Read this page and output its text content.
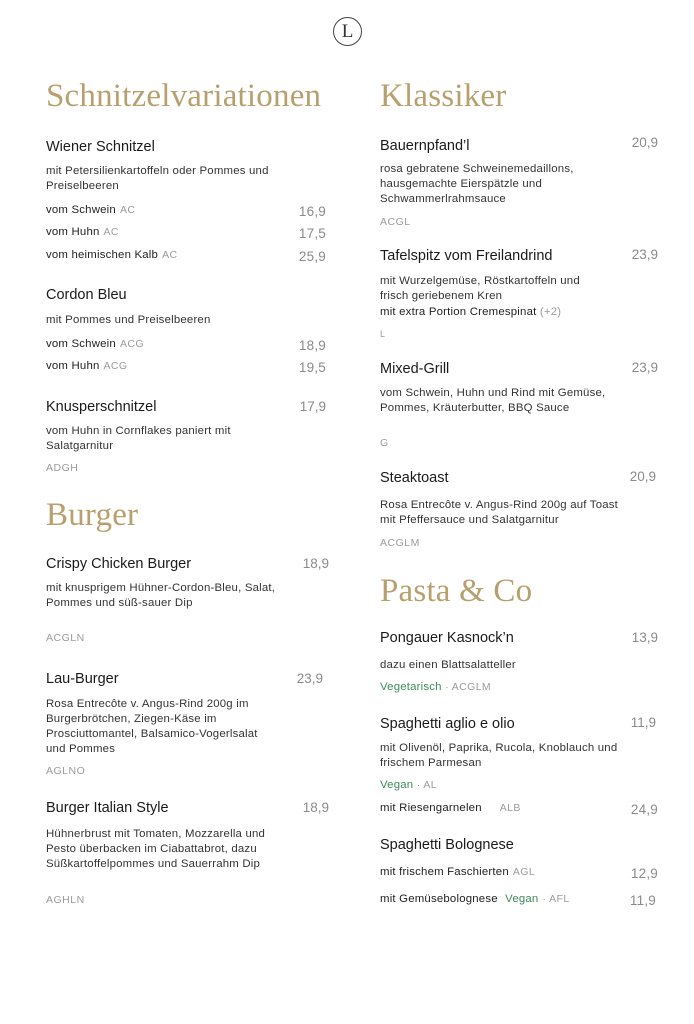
L
Schnitzelvariationen
Wiener Schnitzel
mit Petersilienkartoffeln oder Pommes und Preiselbeeren
vom Schwein AC	16,9
vom Huhn AC	17,5
vom heimischen Kalb AC	25,9
Cordon Bleu
mit Pommes und Preiselbeeren
vom Schwein ACG	18,9
vom Huhn ACG	19,5
Knusperschnitzel	17,9
vom Huhn in Cornflakes paniert mit Salatgarnitur
ADGH
Burger
Crispy Chicken Burger	18,9
mit knusprigem Hühner-Cordon-Bleu, Salat, Pommes und süß-sauer Dip
ACGLN
Lau-Burger	23,9
Rosa Entrecôte v. Angus-Rind 200g im Burgerbrötchen, Ziegen-Käse im Prosciuttomantel, Balsamico-Vogerlsalat und Pommes
AGLNO
Burger Italian Style	18,9
Hühnerbrust mit Tomaten, Mozzarella und Pesto überbacken im Ciabattabrot, dazu Süßkartoffelpommes und Sauerrahm Dip
AGHLN
Klassiker
Bauernpfand’l	20,9
rosa gebratene Schweinemedaillons, hausgemachte Eierspätzle und Schwammerlrahmsauce
ACGL
Tafelspitz vom Freilandrind	23,9
mit Wurzelgemüse, Röstkartoffeln und frisch geriebenem Kren
mit extra Portion Cremespinat (+2)
L
Mixed-Grill	23,9
vom Schwein, Huhn und Rind mit Gemüse, Pommes, Kräuterbutter, BBQ Sauce
G
Steaktoast	20,9
Rosa Entrecôte v. Angus-Rind 200g auf Toast mit Pfeffersauce und Salatgarnitur
ACGLM
Pasta & Co
Pongauer Kasnock’n	13,9
dazu einen Blattsalatteller
Vegetarisch · ACGLM
Spaghetti aglio e olio	11,9
mit Olivenöl, Paprika, Rucola, Knoblauch und frischem Parmesan
Vegan · AL
mit Riesengarnelen ALB	24,9
Spaghetti Bolognese
mit frischem Faschierten AGL	12,9
mit Gemüsebolognese Vegan · AFL	11,9
